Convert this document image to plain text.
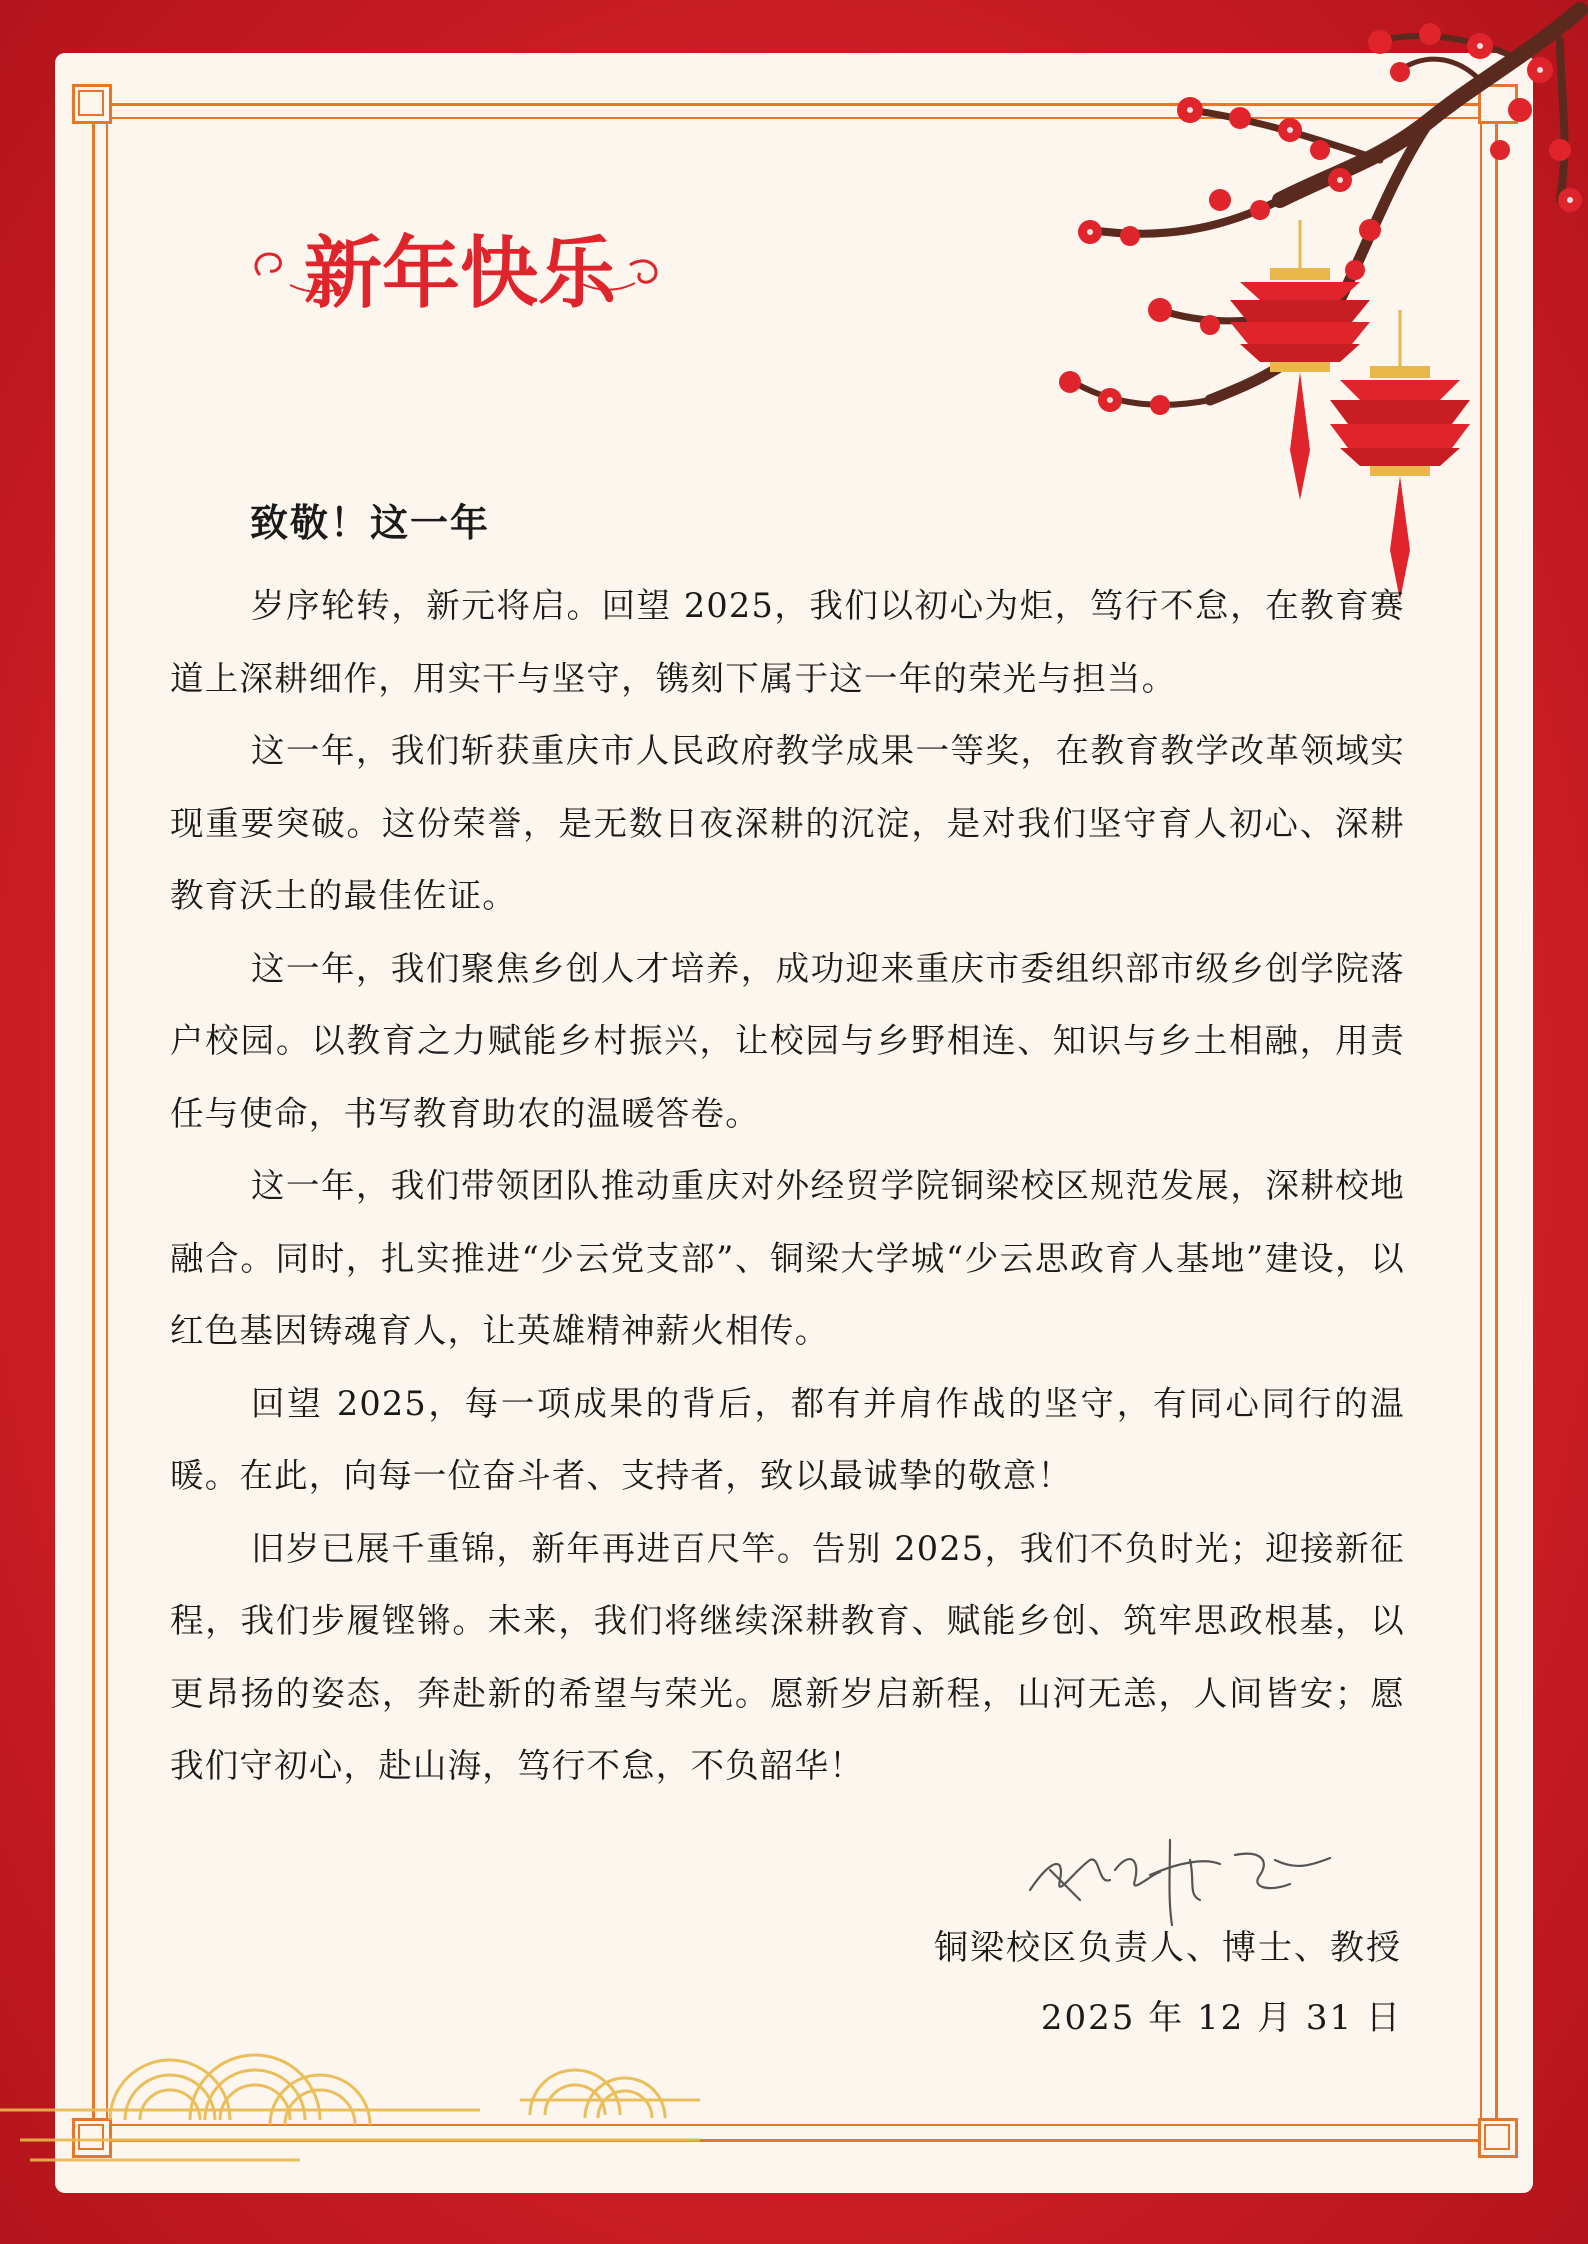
新年快乐
致敬！这一年

岁序轮转，新元将启。回望 2025，我们以初心为炬，笃行不怠，在教育赛道上深耕细作，用实干与坚守，镌刻下属于这一年的荣光与担当。

这一年，我们斩获重庆市人民政府教学成果一等奖，在教育教学改革领域实现重要突破。这份荣誉，是无数日夜深耕的沉淀，是对我们坚守育人初心、深耕教育沃土的最佳佐证。

这一年，我们聚焦乡创人才培养，成功迎来重庆市委组织部市级乡创学院落户校园。以教育之力赋能乡村振兴，让校园与乡野相连、知识与乡土相融，用责任与使命，书写教育助农的温暖答卷。

这一年，我们带领团队推动重庆对外经贸学院铜梁校区规范发展，深耕校地融合。同时，扎实推进“少云党支部”、铜梁大学城“少云思政育人基地”建设，以红色基因铸魂育人，让英雄精神薪火相传。

回望 2025，每一项成果的背后，都有并肩作战的坚守，有同心同行的温暖。在此，向每一位奋斗者、支持者，致以最诚挚的敬意！

旧岁已展千重锦，新年再进百尺竿。告别 2025，我们不负时光；迎接新征程，我们步履铿锵。未来，我们将继续深耕教育、赋能乡创、筑牢思政根基，以更昂扬的姿态，奔赴新的希望与荣光。愿新岁启新程，山河无恙，人间皆安；愿我们守初心，赴山海，笃行不怠，不负韶华！

铜梁校区负责人、博士、教授
2025 年 12 月 31 日
